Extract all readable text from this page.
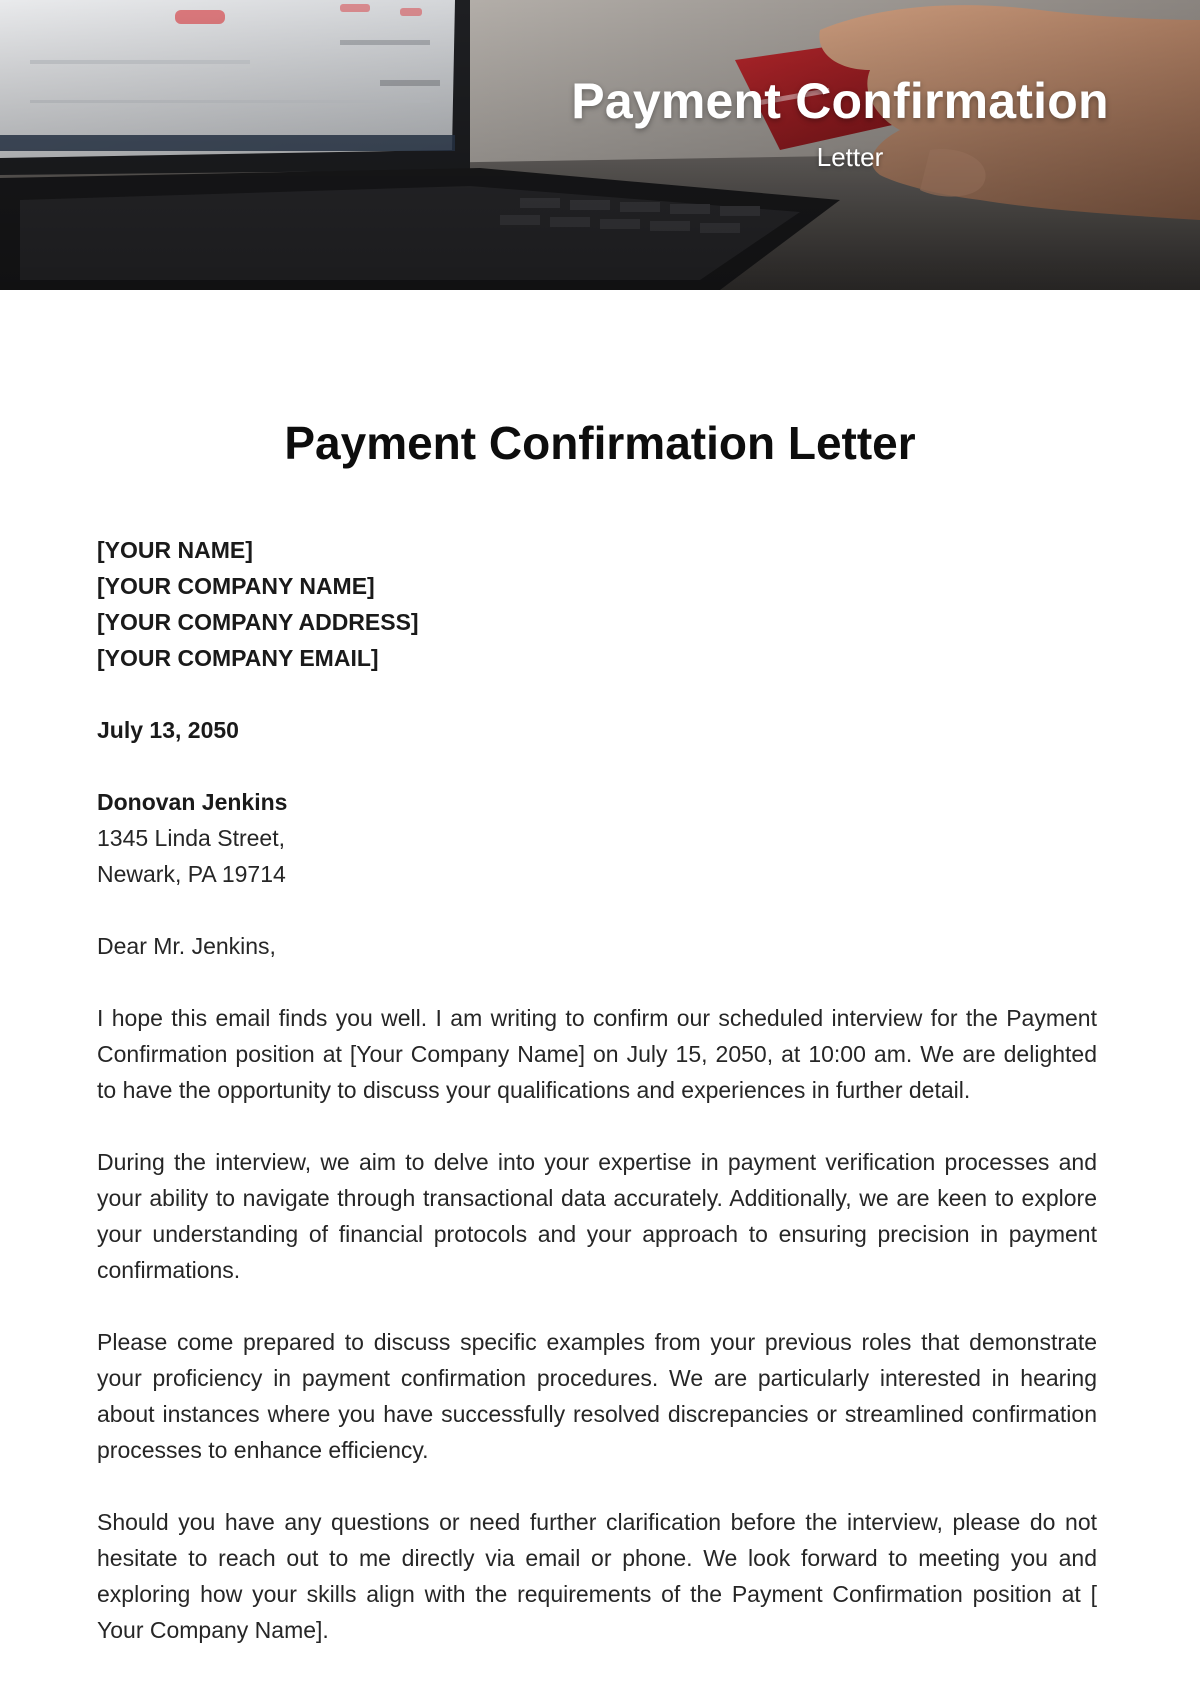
Payment Confirmation
Letter
Payment Confirmation Letter
[YOUR NAME]
[YOUR COMPANY NAME]
[YOUR COMPANY ADDRESS]
[YOUR COMPANY EMAIL]
July 13, 2050
Donovan Jenkins
1345 Linda Street,
Newark, PA 19714
Dear Mr. Jenkins,

I hope this email finds you well. I am writing to confirm our scheduled interview for the Payment Confirmation position at [Your Company Name] on July 15, 2050, at 10:00 am. We are delighted to have the opportunity to discuss your qualifications and experiences in further detail.

During the interview, we aim to delve into your expertise in payment verification processes and your ability to navigate through transactional data accurately. Additionally, we are keen to explore your understanding of financial protocols and your approach to ensuring precision in payment confirmations.

Please come prepared to discuss specific examples from your previous roles that demonstrate your proficiency in payment confirmation procedures. We are particularly interested in hearing about instances where you have successfully resolved discrepancies or streamlined confirmation processes to enhance efficiency.

Should you have any questions or need further clarification before the interview, please do not hesitate to reach out to me directly via email or phone. We look forward to meeting you and exploring how your skills align with the requirements of the Payment Confirmation position at [ Your Company Name].
